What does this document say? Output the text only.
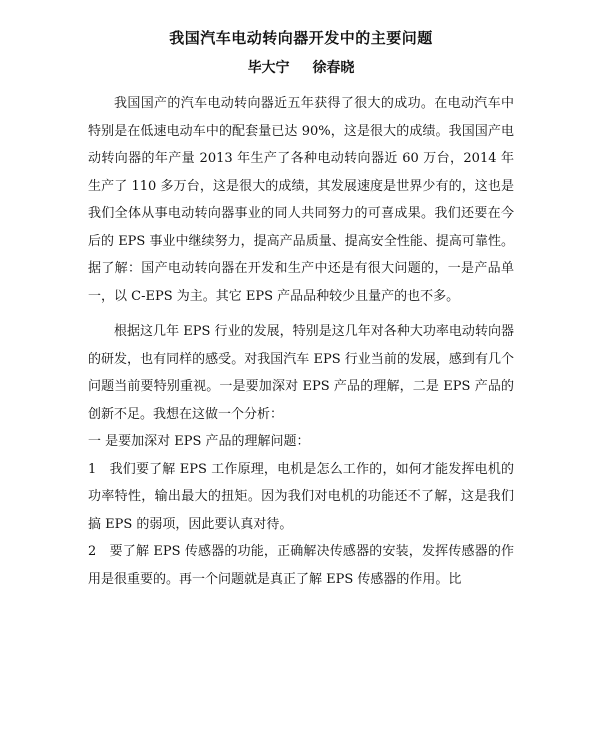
我国汽车电动转向器开发中的主要问题
毕大宁 徐春晓

我国国产的汽车电动转向器近五年获得了很大的成功。在电动汽车中特别是在低速电动车中的配套量已达 90%，这是很大的成绩。我国国产电动转向器的年产量 2013 年生产了各种电动转向器近 60 万台，2014 年生产了 110 多万台，这是很大的成绩，其发展速度是世界少有的，这也是我们全体从事电动转向器事业的同人共同努力的可喜成果。我们还要在今后的 EPS 事业中继续努力，提高产品质量、提高安全性能、提高可靠性。据了解：国产电动转向器在开发和生产中还是有很大问题的，一是产品单一，以 C-EPS 为主。其它 EPS 产品品种较少且量产的也不多。

根据这几年 EPS 行业的发展，特别是这几年对各种大功率电动转向器的研发，也有同样的感受。对我国汽车 EPS 行业当前的发展，感到有几个问题当前要特别重视。一是要加深对 EPS 产品的理解，二是 EPS 产品的创新不足。我想在这做一个分析：

一 是要加深对 EPS 产品的理解问题：

1　我们要了解 EPS 工作原理，电机是怎么工作的，如何才能发挥电机的功率特性，输出最大的扭矩。因为我们对电机的功能还不了解，这是我们搞 EPS 的弱项，因此要认真对待。

2　要了解 EPS 传感器的功能，正确解决传感器的安装，发挥传感器的作用是很重要的。再一个问题就是真正了解 EPS 传感器的作用。比
